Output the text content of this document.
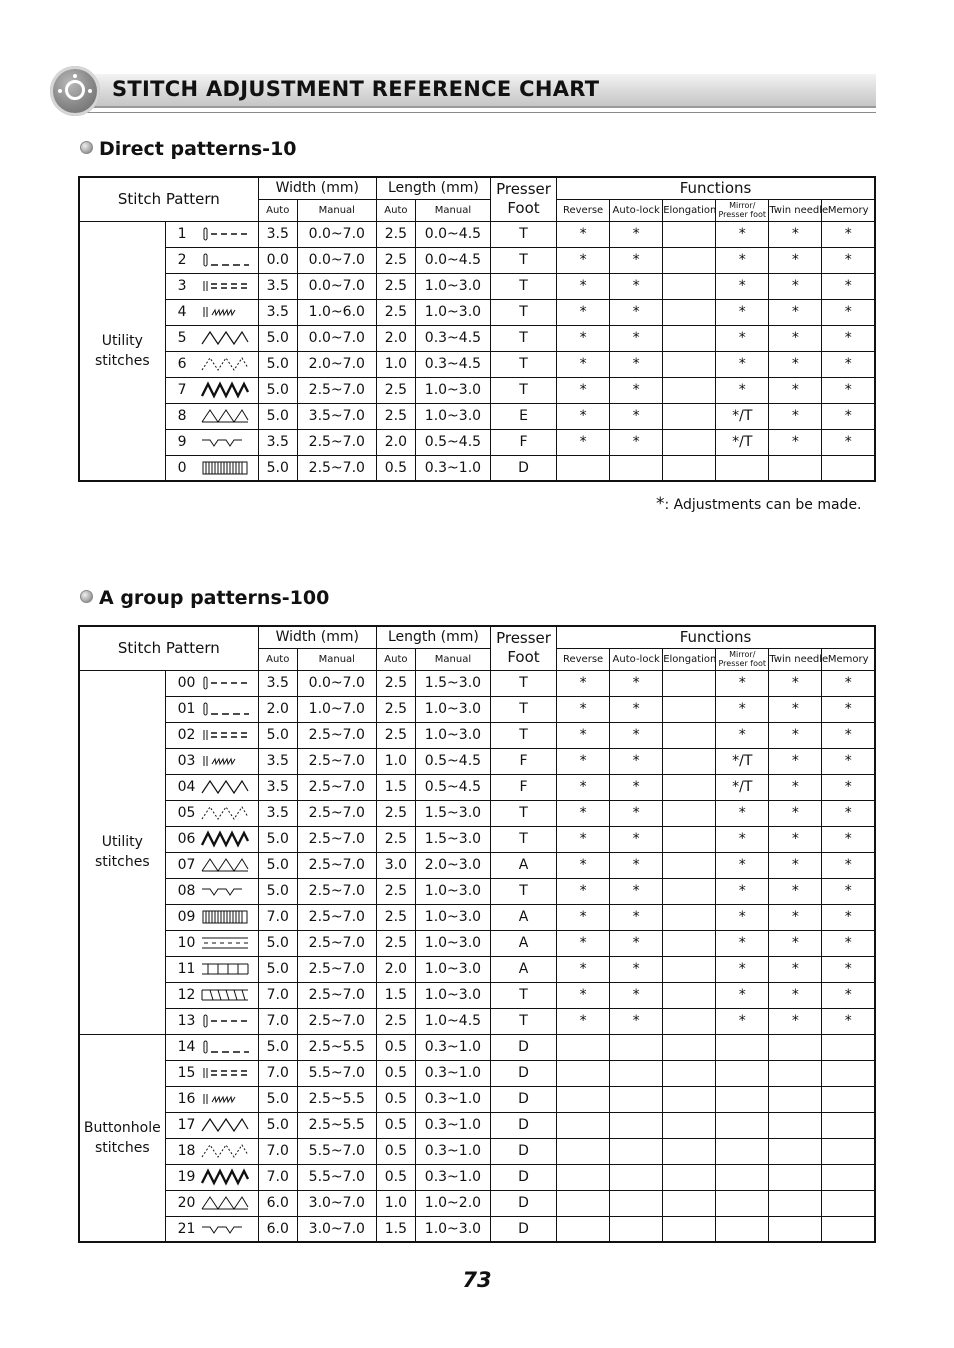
STITCH ADJUSTMENT REFERENCE CHART
Direct patterns-10
Stitch Pattern		Width (mm)		Length (mm)		Presser
Foot	Functions					
		Auto	Manual	Auto	Manual		Reverse	Auto-lock	Elongation	Mirror/
Presser foot	Twin needle	Memory

Utility
stitches	1	3.5	0.0~7.0	2.5	0.0~4.5	T	*	*		*	*	*
	2	0.0	0.0~7.0	2.5	0.0~4.5	T	*	*		*	*	*
	3	3.5	0.0~7.0	2.5	1.0~3.0	T	*	*		*	*	*
	4	3.5	1.0~6.0	2.5	1.0~3.0	T	*	*		*	*	*
	5	5.0	0.0~7.0	2.0	0.3~4.5	T	*	*		*	*	*
	6	5.0	2.0~7.0	1.0	0.3~4.5	T	*	*		*	*	*
	7	5.0	2.5~7.0	2.5	1.0~3.0	T	*	*		*	*	*
	8	5.0	3.5~7.0	2.5	1.0~3.0	E	*	*		*/T	*	*
	9	3.5	2.5~7.0	2.0	0.5~4.5	F	*	*		*/T	*	*
	0	5.0	2.5~7.0	0.5	0.3~1.0	D						
*: Adjustments can be made.
A group patterns-100
Stitch Pattern		Width (mm)		Length (mm)		Presser
Foot	Functions					
		Auto	Manual	Auto	Manual		Reverse	Auto-lock	Elongation	Mirror/
Presser foot	Twin needle	Memory

Utility
stitches	00	3.5	0.0~7.0	2.5	1.5~3.0	T	*	*		*	*	*
	01	2.0	1.0~7.0	2.5	1.0~3.0	T	*	*		*	*	*
	02	5.0	2.5~7.0	2.5	1.0~3.0	T	*	*		*	*	*
	03	3.5	2.5~7.0	1.0	0.5~4.5	F	*	*		*/T	*	*
	04	3.5	2.5~7.0	1.5	0.5~4.5	F	*	*		*/T	*	*
	05	3.5	2.5~7.0	2.5	1.5~3.0	T	*	*		*	*	*
	06	5.0	2.5~7.0	2.5	1.5~3.0	T	*	*		*	*	*
	07	5.0	2.5~7.0	3.0	2.0~3.0	A	*	*		*	*	*
	08	5.0	2.5~7.0	2.5	1.0~3.0	T	*	*		*	*	*
	09	7.0	2.5~7.0	2.5	1.0~3.0	A	*	*		*	*	*
	10	5.0	2.5~7.0	2.5	1.0~3.0	A	*	*		*	*	*
	11	5.0	2.5~7.0	2.0	1.0~3.0	A	*	*		*	*	*
	12	7.0	2.5~7.0	1.5	1.0~3.0	T	*	*		*	*	*
	13	7.0	2.5~7.0	2.5	1.0~4.5	T	*	*		*	*	*

Buttonhole
stitches	14	5.0	2.5~5.5	0.5	0.3~1.0	D						
	15	7.0	5.5~7.0	0.5	0.3~1.0	D						
	16	5.0	2.5~5.5	0.5	0.3~1.0	D						
	17	5.0	2.5~5.5	0.5	0.3~1.0	D						
	18	7.0	5.5~7.0	0.5	0.3~1.0	D						
	19	7.0	5.5~7.0	0.5	0.3~1.0	D						
	20	6.0	3.0~7.0	1.0	1.0~2.0	D						
	21	6.0	3.0~7.0	1.5	1.0~3.0	D						
73
